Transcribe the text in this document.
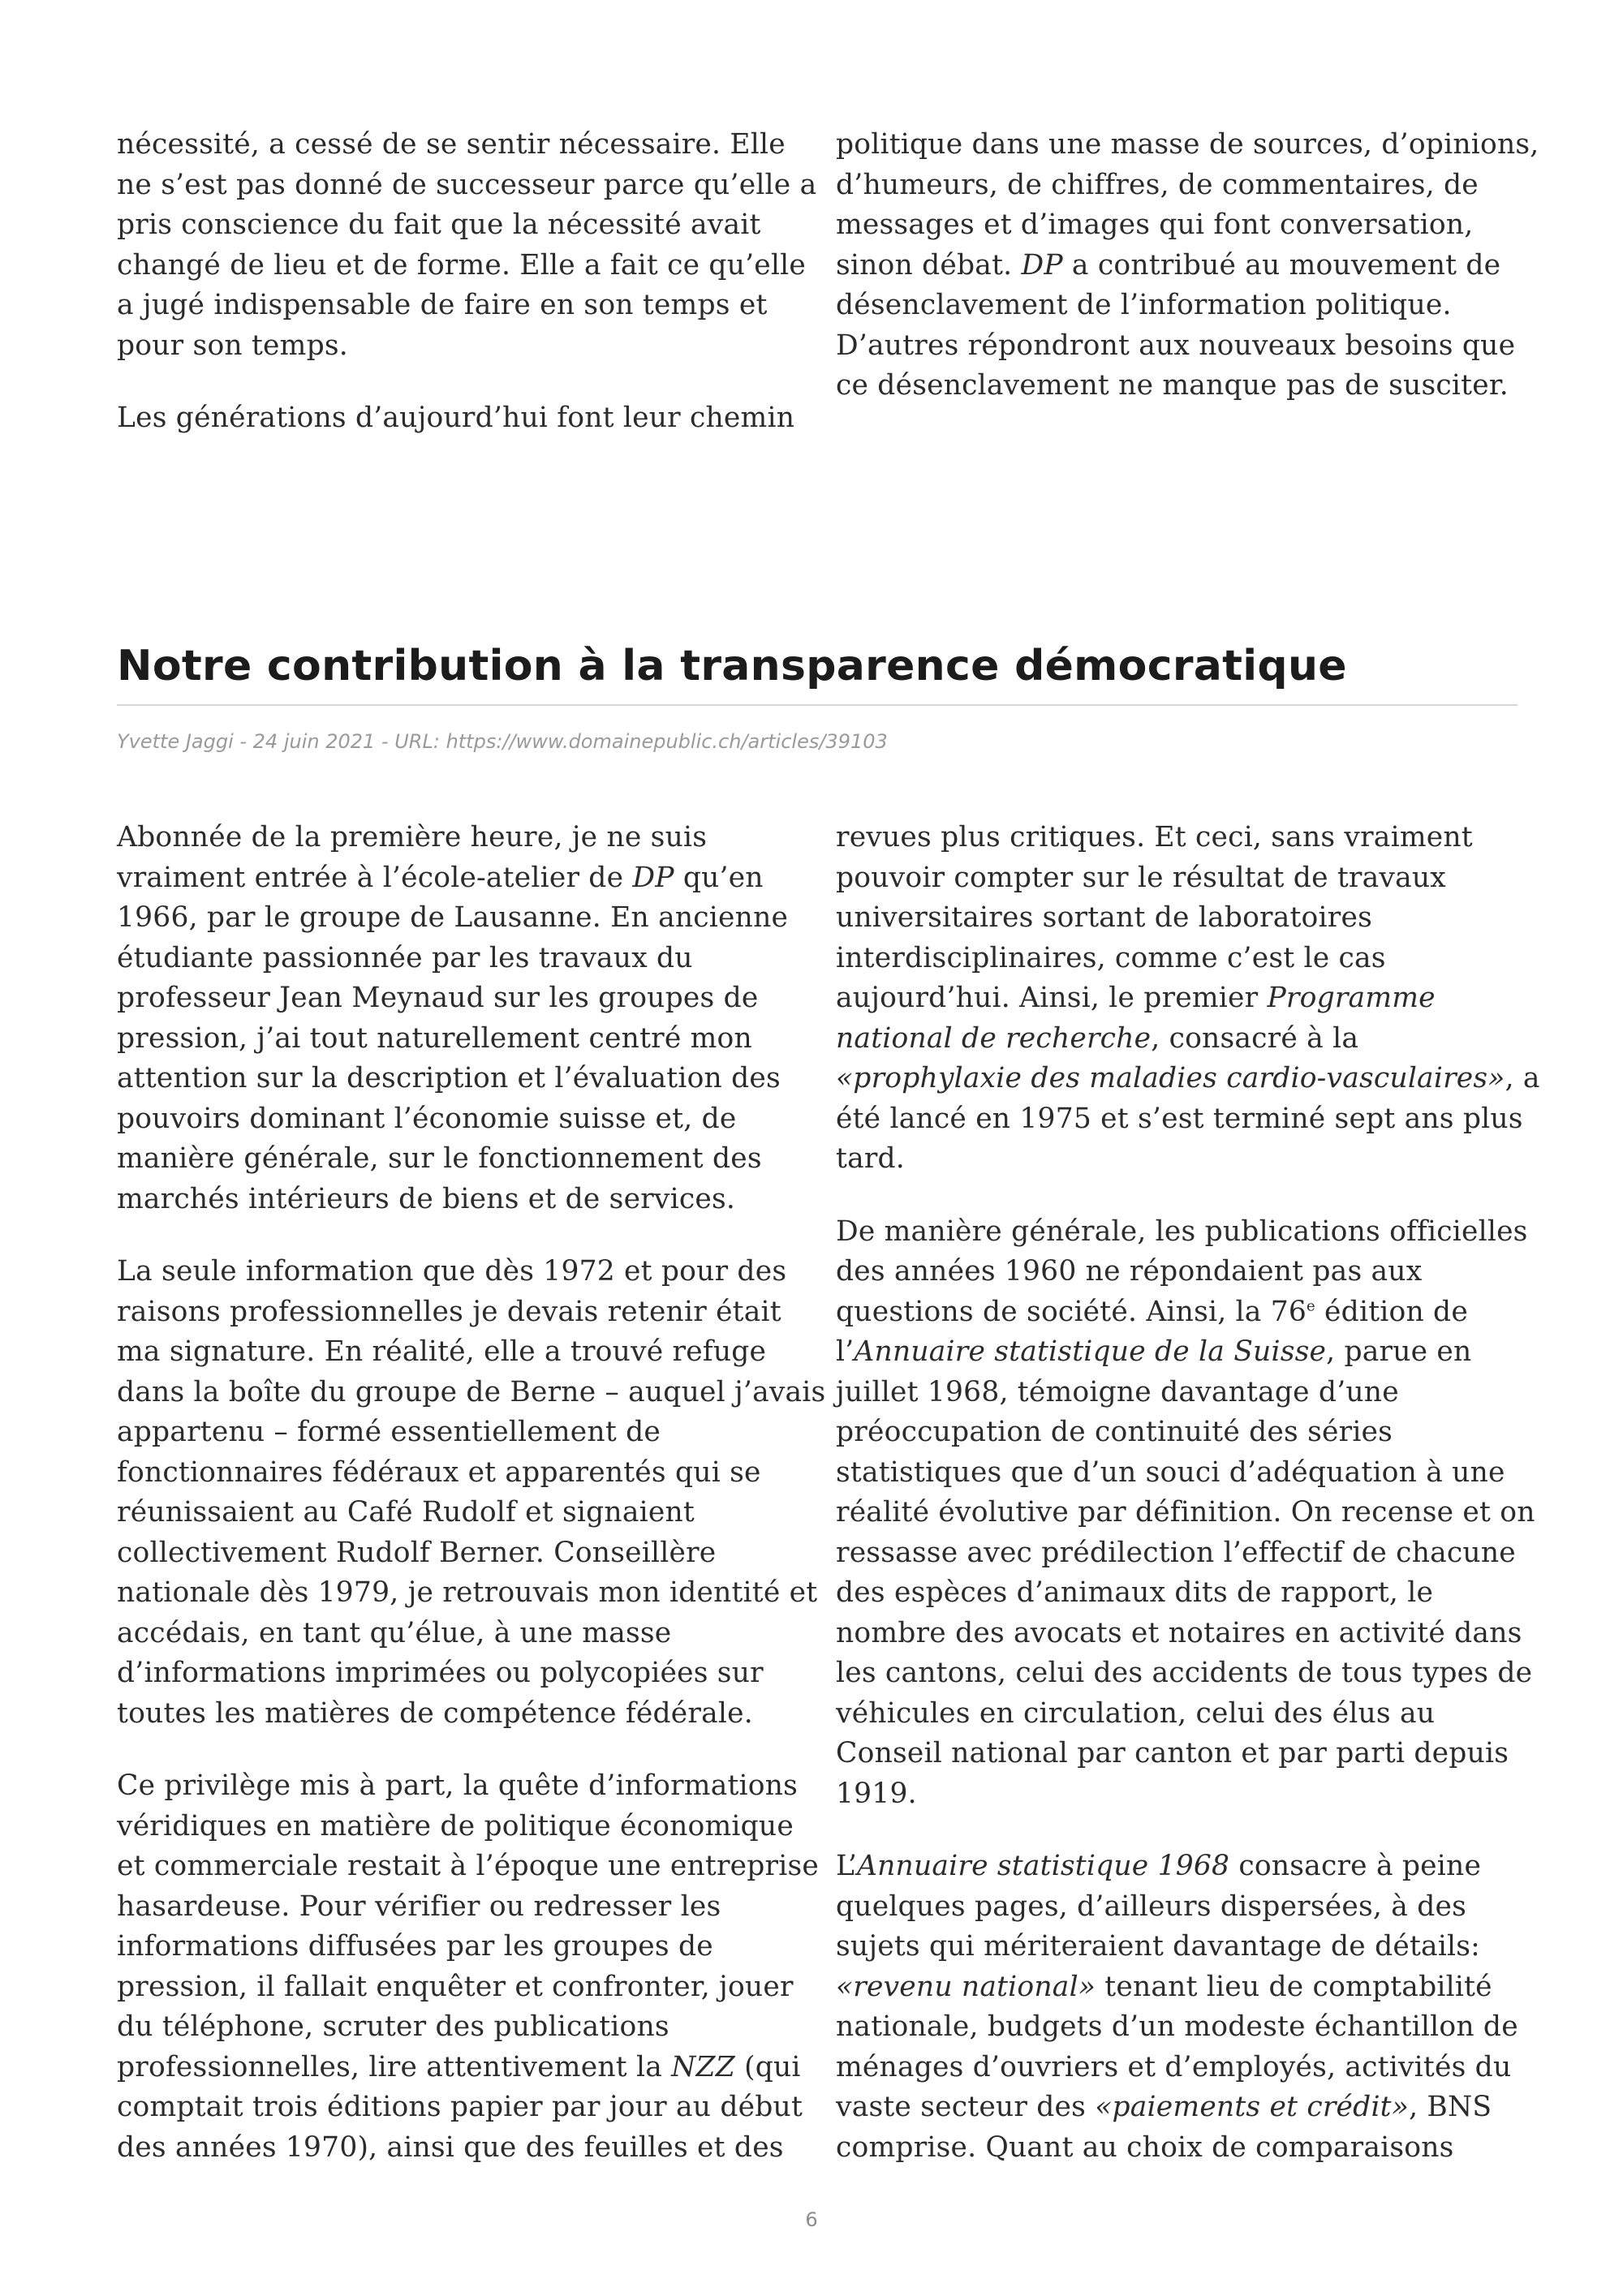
nécessité, a cessé de se sentir nécessaire. Elle
ne s’est pas donné de successeur parce qu’elle a
pris conscience du fait que la nécessité avait
changé de lieu et de forme. Elle a fait ce qu’elle
a jugé indispensable de faire en son temps et
pour son temps.

Les générations d’aujourd’hui font leur chemin

politique dans une masse de sources, d’opinions,
d’humeurs, de chiffres, de commentaires, de
messages et d’images qui font conversation,
sinon débat. DP a contribué au mouvement de
désenclavement de l’information politique.
D’autres répondront aux nouveaux besoins que
ce désenclavement ne manque pas de susciter.

Notre contribution à la transparence démocratique
Yvette Jaggi - 24 juin 2021 - URL: https://www.domainepublic.ch/articles/39103

Abonnée de la première heure, je ne suis
vraiment entrée à l’école-atelier de DP qu’en
1966, par le groupe de Lausanne. En ancienne
étudiante passionnée par les travaux du
professeur Jean Meynaud sur les groupes de
pression, j’ai tout naturellement centré mon
attention sur la description et l’évaluation des
pouvoirs dominant l’économie suisse et, de
manière générale, sur le fonctionnement des
marchés intérieurs de biens et de services.

La seule information que dès 1972 et pour des
raisons professionnelles je devais retenir était
ma signature. En réalité, elle a trouvé refuge
dans la boîte du groupe de Berne – auquel j’avais
appartenu – formé essentiellement de
fonctionnaires fédéraux et apparentés qui se
réunissaient au Café Rudolf et signaient
collectivement Rudolf Berner. Conseillère
nationale dès 1979, je retrouvais mon identité et
accédais, en tant qu’élue, à une masse
d’informations imprimées ou polycopiées sur
toutes les matières de compétence fédérale.

Ce privilège mis à part, la quête d’informations
véridiques en matière de politique économique
et commerciale restait à l’époque une entreprise
hasardeuse. Pour vérifier ou redresser les
informations diffusées par les groupes de
pression, il fallait enquêter et confronter, jouer
du téléphone, scruter des publications
professionnelles, lire attentivement la NZZ (qui
comptait trois éditions papier par jour au début
des années 1970), ainsi que des feuilles et des

revues plus critiques. Et ceci, sans vraiment
pouvoir compter sur le résultat de travaux
universitaires sortant de laboratoires
interdisciplinaires, comme c’est le cas
aujourd’hui. Ainsi, le premier Programme
national de recherche, consacré à la
«prophylaxie des maladies cardio-vasculaires», a
été lancé en 1975 et s’est terminé sept ans plus
tard.

De manière générale, les publications officielles
des années 1960 ne répondaient pas aux
questions de société. Ainsi, la 76e édition de
l’Annuaire statistique de la Suisse, parue en
juillet 1968, témoigne davantage d’une
préoccupation de continuité des séries
statistiques que d’un souci d’adéquation à une
réalité évolutive par définition. On recense et on
ressasse avec prédilection l’effectif de chacune
des espèces d’animaux dits de rapport, le
nombre des avocats et notaires en activité dans
les cantons, celui des accidents de tous types de
véhicules en circulation, celui des élus au
Conseil national par canton et par parti depuis
1919.

L’Annuaire statistique 1968 consacre à peine
quelques pages, d’ailleurs dispersées, à des
sujets qui mériteraient davantage de détails:
«revenu national» tenant lieu de comptabilité
nationale, budgets d’un modeste échantillon de
ménages d’ouvriers et d’employés, activités du
vaste secteur des «paiements et crédit», BNS
comprise. Quant au choix de comparaisons

6
